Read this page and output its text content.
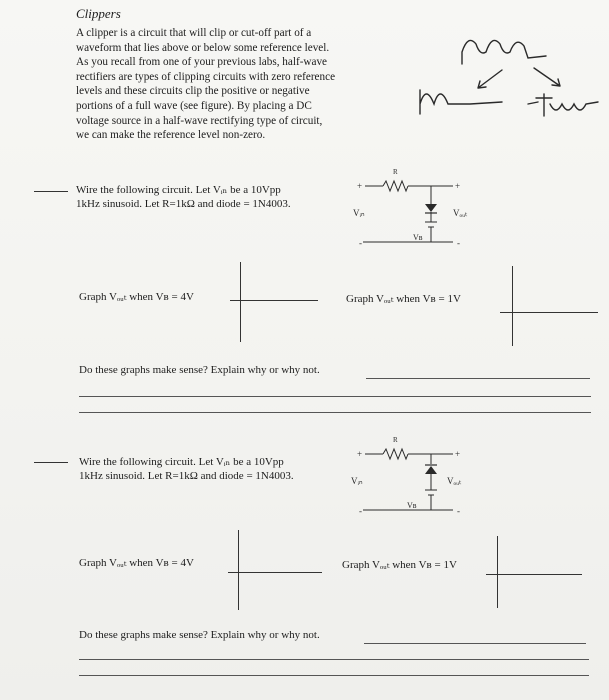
Clippers
A clipper is a circuit that will clip or cut-off part of a
waveform that lies above or below some reference level.
As you recall from one of your previous labs, half-wave
rectifiers are types of clipping circuits with zero reference
levels and these circuits clip the positive or negative
portions of a full wave (see figure). By placing a DC
voltage source in a half-wave rectifying type of circuit,
we can make the reference level non-zero.
Wire the following circuit. Let Vᵢₙ be a 10Vpp
1kHz sinusoid. Let R=1kΩ and diode = 1N4003.
R
+
Vᵢₙ
-
+
Vₒᵤₜ
-
Vʙ
Graph Vₒᵤₜ when Vʙ = 4V	Graph Vₒᵤₜ when Vʙ = 1V
Do these graphs make sense? Explain why or why not.
Wire the following circuit. Let Vᵢₙ be a 10Vpp
1kHz sinusoid. Let R=1kΩ and diode = 1N4003.
R
+
Vᵢₙ
-
+
Vₒᵤₜ
-
Vʙ
Graph Vₒᵤₜ when Vʙ = 4V	Graph Vₒᵤₜ when Vʙ = 1V
Do these graphs make sense? Explain why or why not.
